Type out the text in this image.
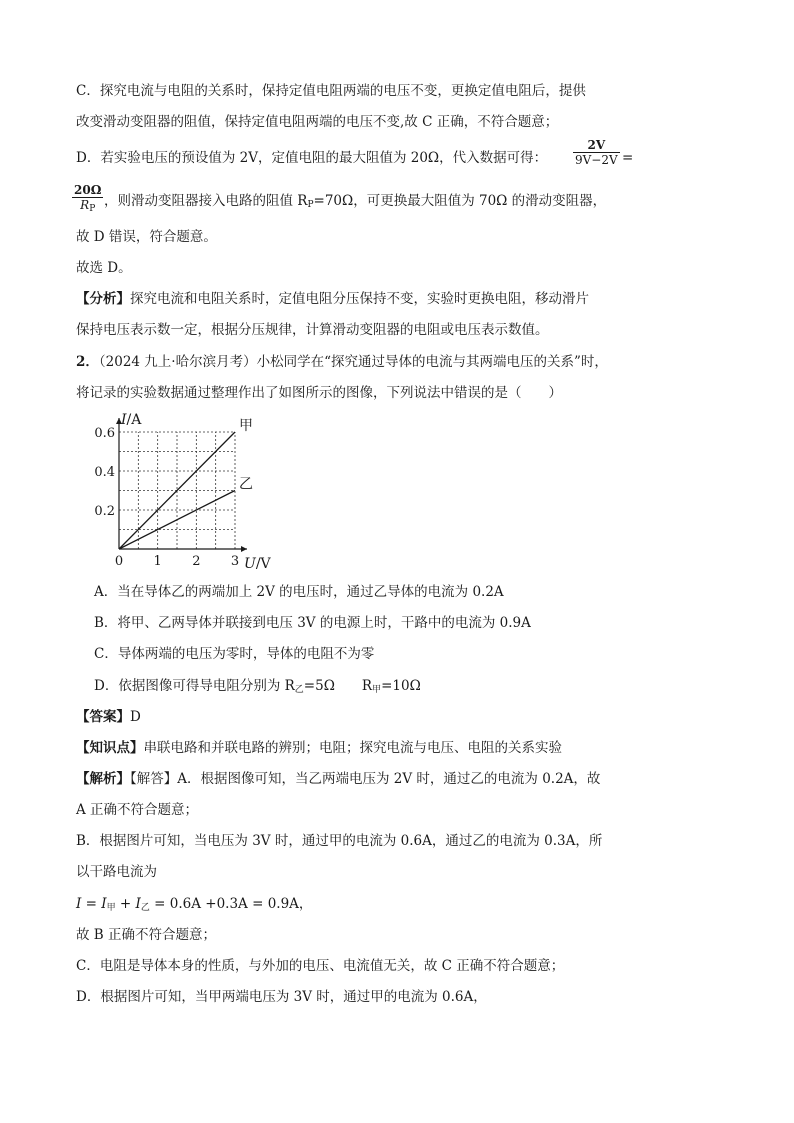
C．探究电流与电阻的关系时，保持定值电阻两端的电压不变，更换定值电阻后，提供
改变滑动变阻器的阻值，保持定值电阻两端的电压不变,故 C 正确，不符合题意；
D．若实验电压的预设值为 2V，定值电阻的最大阻值为 20Ω，代入数据可得： $\frac{2V}{9V-2V}$ =
$\frac{20\Omega}{R_P}$ ，则滑动变阻器接入电路的阻值 $R_P=70\Omega$，可更换最大阻值为 70Ω 的滑动变阻器，
故 D 错误，符合题意。
故选 D。
【分析】探究电流和电阻关系时，定值电阻分压保持不变，实验时更换电阻，移动滑片
保持电压表示数一定，根据分压规律，计算滑动变阻器的电阻或电压表示数值。
2．（2024 九上·哈尔滨月考）小松同学在“探究通过导体的电流与其两端电压的关系”时，
将记录的实验数据通过整理作出了如图所示的图像，下列说法中错误的是（　　）
甲
乙
0 1 2 3
0.2
0.4
0.6
I/A
U/V
A．当在导体乙的两端加上 2V 的电压时，通过乙导体的电流为 0.2A
B．将甲、乙两导体并联接到电压 3V 的电源上时，干路中的电流为 0.9A
C．导体两端的电压为零时，导体的电阻不为零
D．依据图像可得导电阻分别为 $R_乙=5\Omega$　　$R_甲=10\Omega$
【答案】D
【知识点】串联电路和并联电路的辨别；电阻；探究电流与电压、电阻的关系实验
【解析】【解答】A．根据图像可知，当乙两端电压为 2V 时，通过乙的电流为 0.2A，故
A 正确不符合题意；
B．根据图片可知，当电压为 3V 时，通过甲的电流为 0.6A，通过乙的电流为 0.3A，所
以干路电流为
$I = I_甲 + I_乙 = 0.6A +0.3A = 0.9A$，
故 B 正确不符合题意；
C．电阻是导体本身的性质，与外加的电压、电流值无关，故 C 正确不符合题意；
D．根据图片可知，当甲两端电压为 3V 时，通过甲的电流为 0.6A，
